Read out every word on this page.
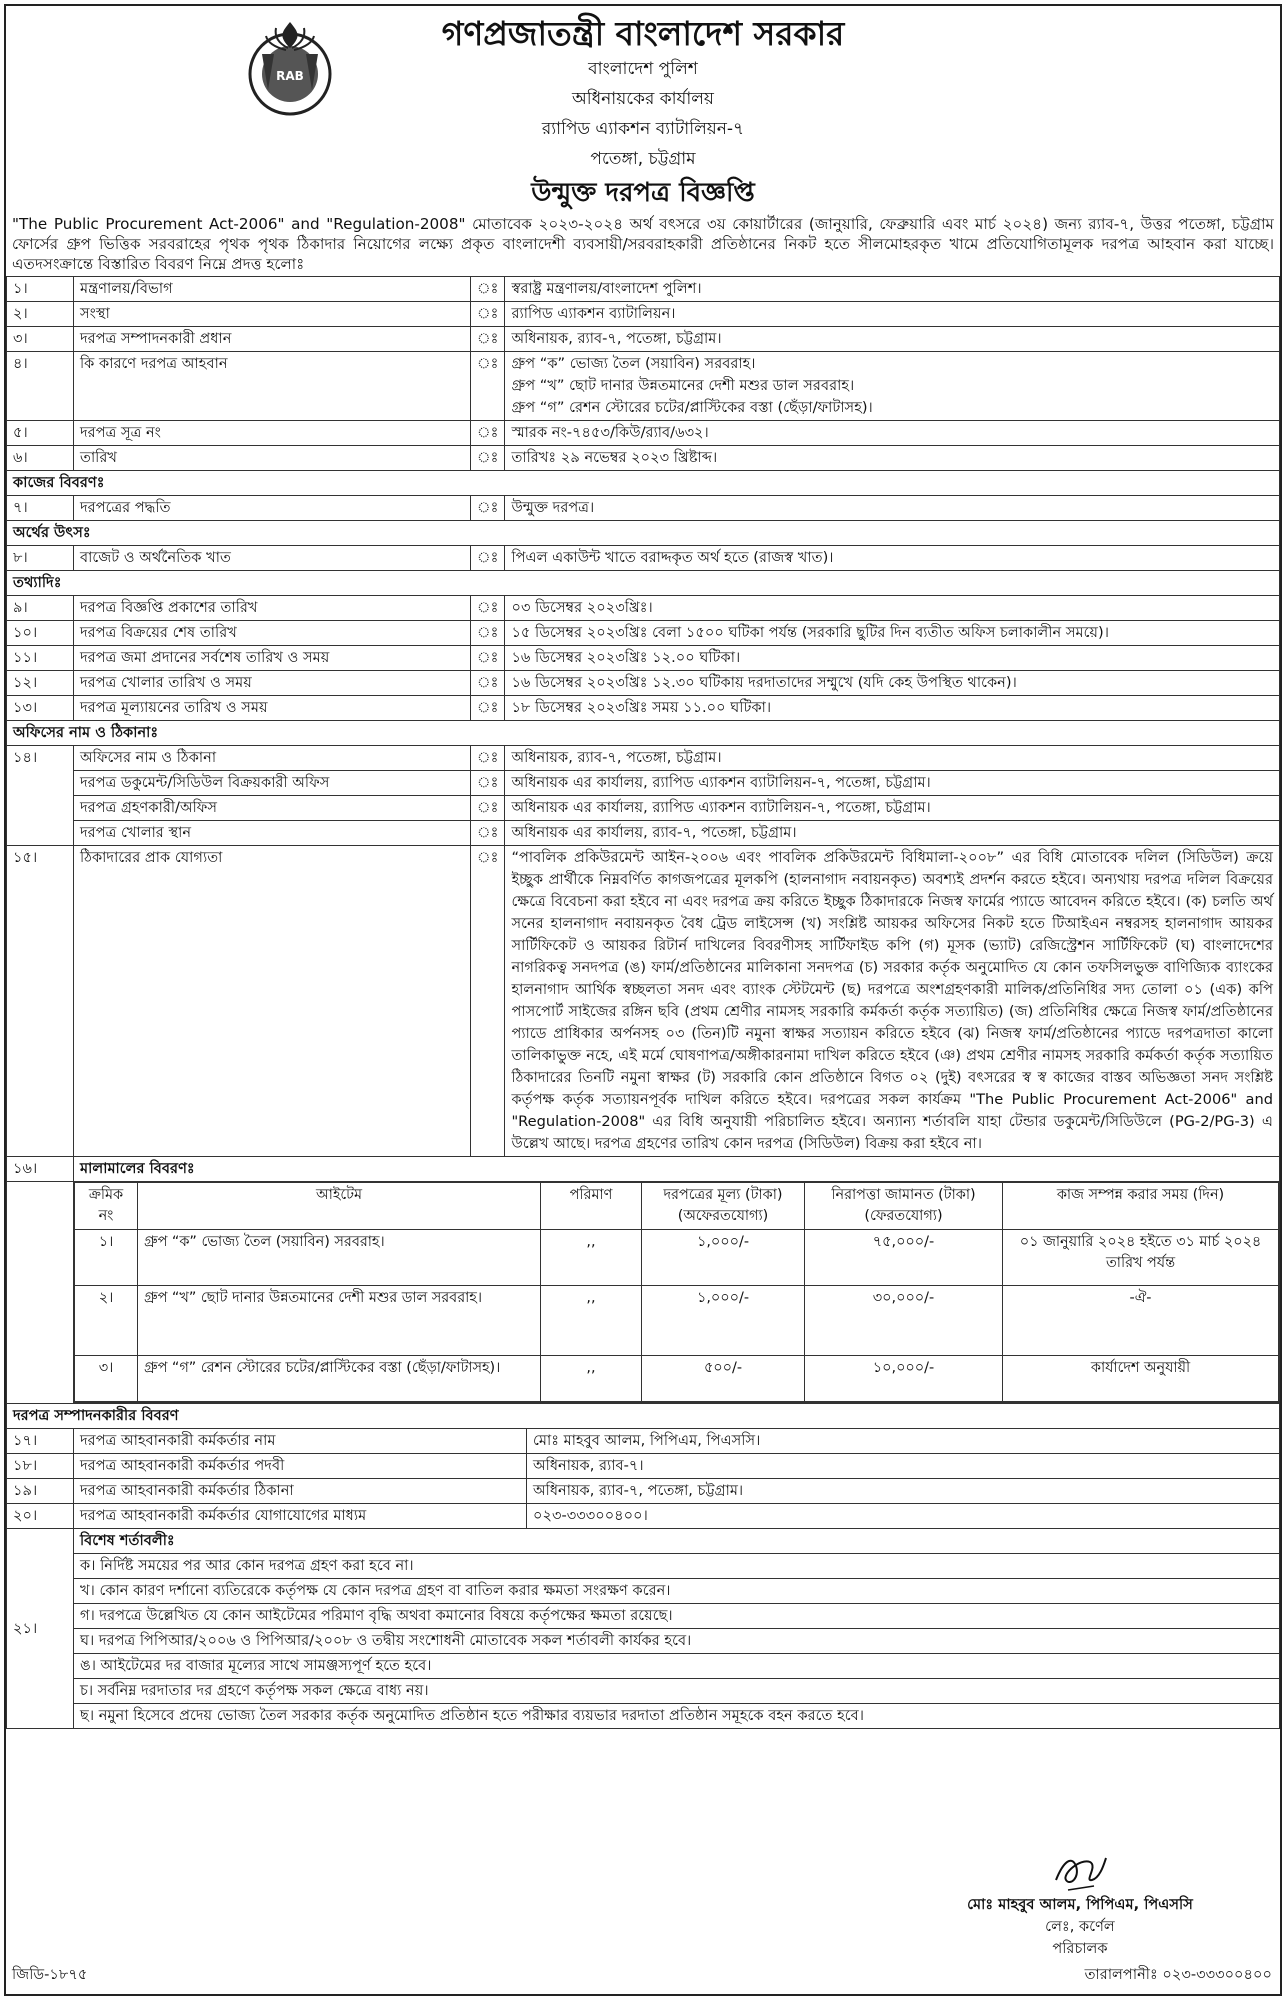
RAB
গণপ্রজাতন্ত্রী বাংলাদেশ সরকার
বাংলাদেশ পুলিশ
অধিনায়কের কার্যালয়
র‍্যাপিড এ্যাকশন ব্যাটালিয়ন-৭
পতেঙ্গা, চট্টগ্রাম
উন্মুক্ত দরপত্র বিজ্ঞপ্তি
"The Public Procurement Act-2006" and "Regulation-2008" মোতাবেক ২০২৩-২০২৪ অর্থ বৎসরে ৩য় কোয়ার্টারের (জানুয়ারি, ফেব্রুয়ারি এবং মার্চ ২০২৪) জন্য র‍্যাব-৭, উত্তর পতেঙ্গা, চট্টগ্রাম ফোর্সের গ্রুপ ভিত্তিক সরবরাহের পৃথক পৃথক ঠিকাদার নিয়োগের লক্ষ্যে প্রকৃত বাংলাদেশী ব্যবসায়ী/সরবরাহকারী প্রতিষ্ঠানের নিকট হতে সীলমোহরকৃত খামে প্রতিযোগিতামূলক দরপত্র আহবান করা যাচ্ছে। এতদসংক্রান্তে বিস্তারিত বিবরণ নিম্নে প্রদত্ত হলোঃ
১।	মন্ত্রণালয়/বিভাগ	ঃ	স্বরাষ্ট্র মন্ত্রণালয়/বাংলাদেশ পুলিশ।
২।	সংস্থা	ঃ	র‍্যাপিড এ্যাকশন ব্যাটালিয়ন।
৩।	দরপত্র সম্পাদনকারী প্রধান	ঃ	অধিনায়ক, র‍্যাব-৭, পতেঙ্গা, চট্টগ্রাম।
৪।	কি কারণে দরপত্র আহবান	ঃ	গ্রুপ “ক” ভোজ্য তৈল (সয়াবিন) সরবরাহ।
গ্রুপ “খ” ছোট দানার উন্নতমানের দেশী মশুর ডাল সরবরাহ।
গ্রুপ “গ” রেশন স্টোরের চটের/প্লাস্টিকের বস্তা (ছেঁড়া/ফাটাসহ)।

৫।	দরপত্র সূত্র নং	ঃ	স্মারক নং-৭৪৫৩/কিউ/র‍্যাব/৬৩২।
৬।	তারিখ	ঃ	তারিখঃ ২৯ নভেম্বর ২০২৩ খ্রিষ্টাব্দ।
কাজের বিবরণঃ
৭।	দরপত্রের পদ্ধতি	ঃ	উন্মুক্ত দরপত্র।
অর্থের উৎসঃ
৮।	বাজেট ও অর্থনৈতিক খাত	ঃ	পিএল একাউন্ট খাতে বরাদ্দকৃত অর্থ হতে (রাজস্ব খাত)।
তথ্যাদিঃ
৯।	দরপত্র বিজ্ঞপ্তি প্রকাশের তারিখ	ঃ	০৩ ডিসেম্বর ২০২৩খ্রিঃ।
১০।	দরপত্র বিক্রয়ের শেষ তারিখ	ঃ	১৫ ডিসেম্বর ২০২৩খ্রিঃ বেলা ১৫০০ ঘটিকা পর্যন্ত (সরকারি ছুটির দিন ব্যতীত অফিস চলাকালীন সময়ে)।
১১।	দরপত্র জমা প্রদানের সর্বশেষ তারিখ ও সময়	ঃ	১৬ ডিসেম্বর ২০২৩খ্রিঃ ১২.০০ ঘটিকা।
১২।	দরপত্র খোলার তারিখ ও সময়	ঃ	১৬ ডিসেম্বর ২০২৩খ্রিঃ ১২.৩০ ঘটিকায় দরদাতাদের সম্মুখে (যদি কেহ উপস্থিত থাকেন)।
১৩।	দরপত্র মূল্যায়নের তারিখ ও সময়	ঃ	১৮ ডিসেম্বর ২০২৩খ্রিঃ সময় ১১.০০ ঘটিকা।
অফিসের নাম ও ঠিকানাঃ
১৪।	অফিসের নাম ও ঠিকানা	ঃ	অধিনায়ক, র‍্যাব-৭, পতেঙ্গা, চট্টগ্রাম।
দরপত্র ডকুমেন্ট/সিডিউল বিক্রয়কারী অফিস	ঃ	অধিনায়ক এর কার্যালয়, র‍্যাপিড এ্যাকশন ব্যাটালিয়ন-৭, পতেঙ্গা, চট্টগ্রাম।
দরপত্র গ্রহণকারী/অফিস	ঃ	অধিনায়ক এর কার্যালয়, র‍্যাপিড এ্যাকশন ব্যাটালিয়ন-৭, পতেঙ্গা, চট্টগ্রাম।
দরপত্র খোলার স্থান	ঃ	অধিনায়ক এর কার্যালয়, র‍্যাব-৭, পতেঙ্গা, চট্টগ্রাম।
১৫।	ঠিকাদারের প্রাক যোগ্যতা	ঃ	“পাবলিক প্রকিউরমেন্ট আইন-২০০৬ এবং পাবলিক প্রকিউরমেন্ট বিধিমালা-২০০৮” এর বিধি মোতাবেক দলিল (সিডিউল) ক্রয়ে ইচ্ছুক প্রার্থীকে নিম্নবর্ণিত কাগজপত্রের মূলকপি (হালনাগাদ নবায়নকৃত) অবশ্যই প্রদর্শন করতে হইবে। অন্যথায় দরপত্র দলিল বিক্রয়ের ক্ষেত্রে বিবেচনা করা হইবে না এবং দরপত্র ক্রয় করিতে ইচ্ছুক ঠিকাদারকে নিজস্ব ফার্মের প্যাডে আবেদন করিতে হইবে। (ক) চলতি অর্থ সনের হালনাগাদ নবায়নকৃত বৈধ ট্রেড লাইসেন্স (খ) সংশ্লিষ্ট আয়কর অফিসের নিকট হতে টিআইএন নম্বরসহ হালনাগাদ আয়কর সার্টিফিকেট ও আয়কর রিটার্ন দাখিলের বিবরণীসহ সার্টিফাইড কপি (গ) মূসক (ভ্যাট) রেজিস্ট্রেশন সার্টিফিকেট (ঘ) বাংলাদেশের নাগরিকত্ব সনদপত্র (ঙ) ফার্ম/প্রতিষ্ঠানের মালিকানা সনদপত্র (চ) সরকার কর্তৃক অনুমোদিত যে কোন তফসিলভুক্ত বাণিজ্যিক ব্যাংকের হালনাগাদ আর্থিক স্বচ্ছলতা সনদ এবং ব্যাংক স্টেটমেন্ট (ছ) দরপত্রে অংশগ্রহণকারী মালিক/প্রতিনিধির সদ্য তোলা ০১ (এক) কপি পাসপোর্ট সাইজের রঙ্গিন ছবি (প্রথম শ্রেণীর নামসহ সরকারি কর্মকর্তা কর্তৃক সত্যায়িত) (জ) প্রতিনিধির ক্ষেত্রে নিজস্ব ফার্ম/প্রতিষ্ঠানের প্যাডে প্রাধিকার অর্পনসহ ০৩ (তিন)টি নমুনা স্বাক্ষর সত্যায়ন করিতে হইবে (ঝ) নিজস্ব ফার্ম/প্রতিষ্ঠানের প্যাডে দরপত্রদাতা কালো তালিকাভুক্ত নহে, এই মর্মে ঘোষণাপত্র/অঙ্গীকারনামা দাখিল করিতে হইবে (ঞ) প্রথম শ্রেণীর নামসহ সরকারি কর্মকর্তা কর্তৃক সত্যায়িত ঠিকাদারের তিনটি নমুনা স্বাক্ষর (ট) সরকারি কোন প্রতিষ্ঠানে বিগত ০২ (দুই) বৎসরের স্ব স্ব কাজের বাস্তব অভিজ্ঞতা সনদ সংশ্লিষ্ট কর্তৃপক্ষ কর্তৃক সত্যায়নপূর্বক দাখিল করিতে হইবে। দরপত্রের সকল কার্যক্রম "The Public Procurement Act-2006" and "Regulation-2008" এর বিধি অনুযায়ী পরিচালিত হইবে। অন্যান্য শর্তাবলি যাহা টেন্ডার ডকুমেন্ট/সিডিউলে (PG-2/PG-3) এ উল্লেখ আছে। দরপত্র গ্রহণের তারিখ কোন দরপত্র (সিডিউল) বিক্রয় করা হইবে না।
১৬।	মালামালের বিবরণঃ

ক্রমিক নং	আইটেম	পরিমাণ	দরপত্রের মূল্য (টাকা) (অফেরতযোগ্য)	নিরাপত্তা জামানত (টাকা) (ফেরতযোগ্য)	কাজ সম্পন্ন করার সময় (দিন)
১।	গ্রুপ “ক” ভোজ্য তৈল (সয়াবিন) সরবরাহ।	,,	১,০০০/-	৭৫,০০০/-	০১ জানুয়ারি ২০২৪ হইতে ৩১ মার্চ ২০২৪ তারিখ পর্যন্ত
২।	গ্রুপ “খ” ছোট দানার উন্নতমানের দেশী মশুর ডাল সরবরাহ।	,,	১,০০০/-	৩০,০০০/-	-ঐ-
৩।	গ্রুপ “গ” রেশন স্টোরের চটের/প্লাস্টিকের বস্তা (ছেঁড়া/ফাটাসহ)।	,,	৫০০/-	১০,০০০/-	কার্যাদেশ অনুযায়ী
দরপত্র সম্পাদনকারীর বিবরণ		
১৭।	দরপত্র আহবানকারী কর্মকর্তার নাম	মোঃ মাহবুব আলম, পিপিএম, পিএসসি।
১৮।	দরপত্র আহবানকারী কর্মকর্তার পদবী	অধিনায়ক, র‍্যাব-৭।
১৯।	দরপত্র আহবানকারী কর্মকর্তার ঠিকানা	অধিনায়ক, র‍্যাব-৭, পতেঙ্গা, চট্টগ্রাম।
২০।	দরপত্র আহবানকারী কর্মকর্তার যোগাযোগের মাধ্যম	০২৩-৩৩৩০০৪০০।
২১।	বিশেষ শর্তাবলীঃ	
	ক। নির্দিষ্ট সময়ের পর আর কোন দরপত্র গ্রহণ করা হবে না।	
	খ। কোন কারণ দর্শানো ব্যতিরেকে কর্তৃপক্ষ যে কোন দরপত্র গ্রহণ বা বাতিল করার ক্ষমতা সংরক্ষণ করেন।	
	গ। দরপত্রে উল্লেখিত যে কোন আইটেমের পরিমাণ বৃদ্ধি অথবা কমানোর বিষয়ে কর্তৃপক্ষের ক্ষমতা রয়েছে।	
	ঘ। দরপত্র পিপিআর/২০০৬ ও পিপিআর/২০০৮ ও তদ্বীয় সংশোধনী মোতাবেক সকল শর্তাবলী কার্যকর হবে।	
	ঙ। আইটেমের দর বাজার মূল্যের সাথে সামঞ্জস্যপূর্ণ হতে হবে।	
	চ। সর্বনিম্ন দরদাতার দর গ্রহণে কর্তৃপক্ষ সকল ক্ষেত্রে বাধ্য নয়।	
	ছ। নমুনা হিসেবে প্রদেয় ভোজ্য তৈল সরকার কর্তৃক অনুমোদিত প্রতিষ্ঠান হতে পরীক্ষার ব্যয়ভার দরদাতা প্রতিষ্ঠান সমূহকে বহন করতে হবে।	
মোঃ মাহবুব আলম, পিপিএম, পিএসসি
লেঃ, কর্ণেল
পরিচালক
জিডি-১৮৭৫	তারালপানীঃ ০২৩-৩৩৩০০৪০০
